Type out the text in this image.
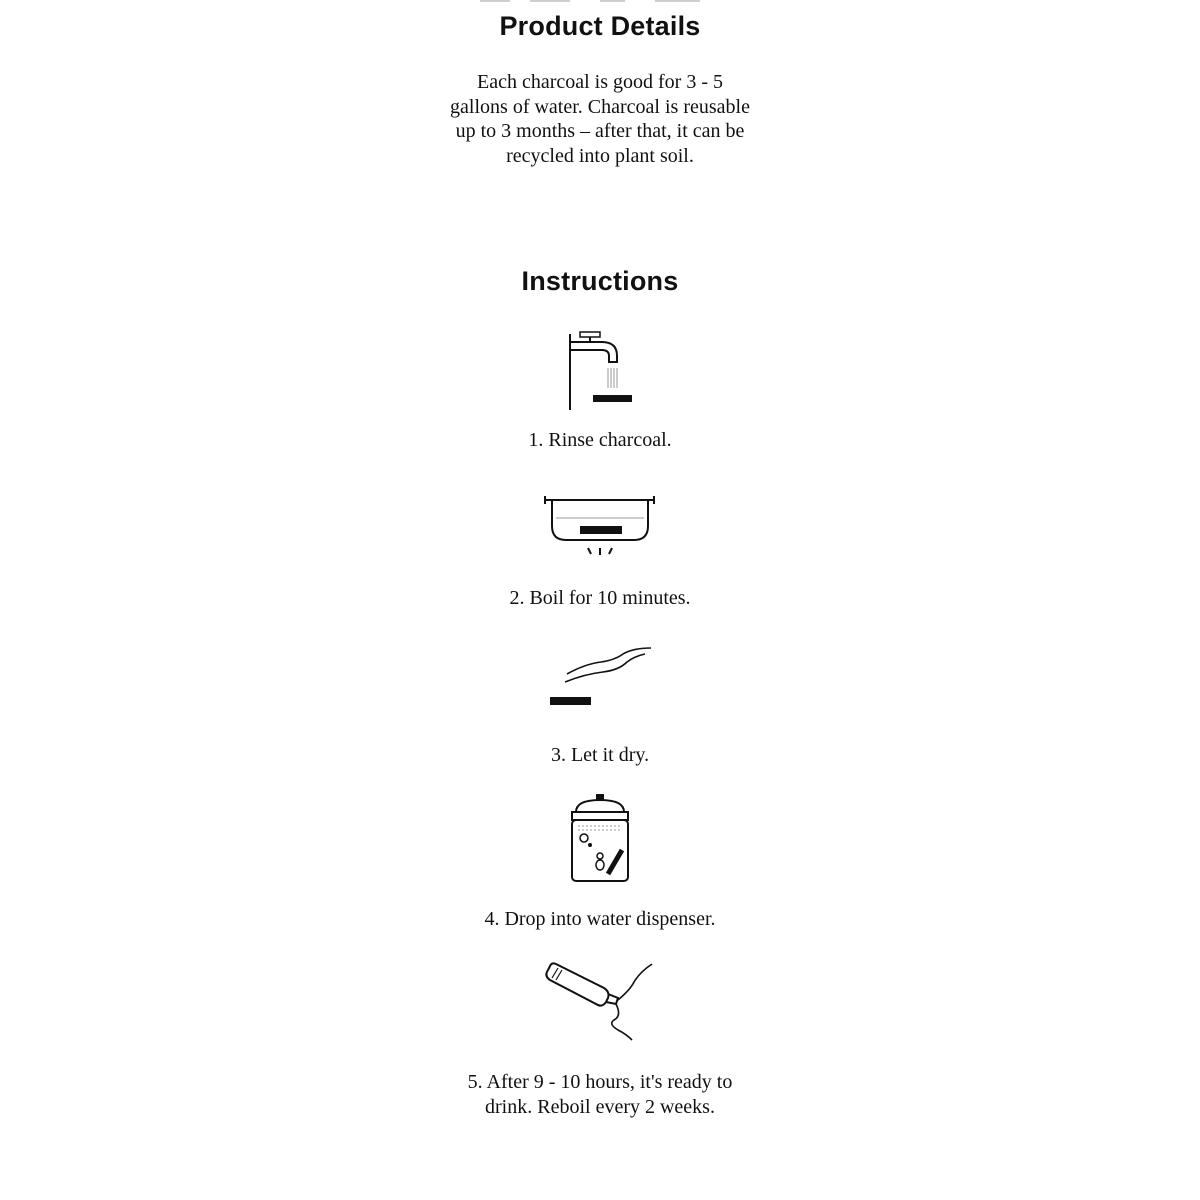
Product Details

Each charcoal is good for 3 - 5 gallons of water. Charcoal is reusable up to 3 months – after that, it can be recycled into plant soil.

Instructions
1. Rinse charcoal.
2. Boil for 10 minutes.
3. Let it dry.
4. Drop into water dispenser.

5. After 9 - 10 hours, it's ready to drink. Reboil every 2 weeks.
